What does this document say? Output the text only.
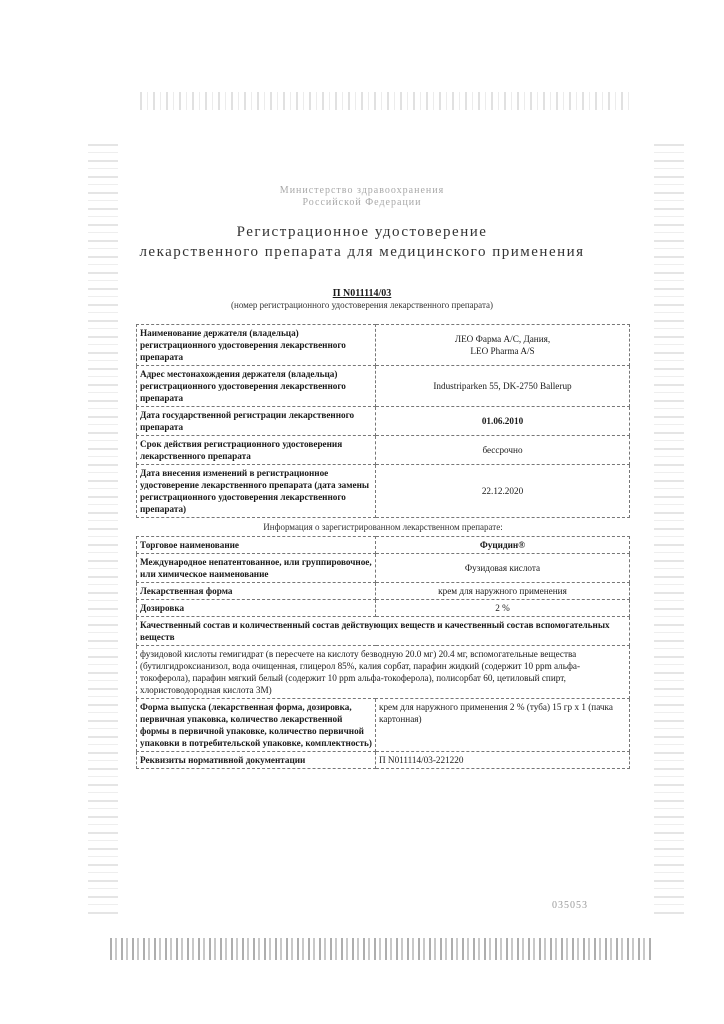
Министерство здравоохранения
Российской Федерации
Регистрационное удостоверение
лекарственного препарата для медицинского применения
П N011114/03
(номер регистрационного удостоверения лекарственного препарата)
Наименование держателя (владельца) регистрационного удостоверения лекарственного препарата	ЛЕО Фарма А/С, Дания,
LEO Pharma A/S

Адрес местонахождения держателя (владельца) регистрационного удостоверения лекарственного препарата	Industriparken 55, DK-2750 Ballerup
Дата государственной регистрации лекарственного препарата	01.06.2010
Срок действия регистрационного удостоверения лекарственного препарата	бессрочно
Дата внесения изменений в регистрационное удостоверение лекарственного препарата (дата замены регистрационного удостоверения лекарственного препарата)	22.12.2020
Информация о зарегистрированном лекарственном препарате:	
Торговое наименование	Фуцидин®
Международное непатентованное, или группировочное, или химическое наименование	Фузидовая кислота
Лекарственная форма	крем для наружного применения
Дозировка	2 %
Качественный состав и количественный состав действующих веществ и качественный состав вспомогательных веществ	
фузидовой кислоты гемигидрат (в пересчете на кислоту безводную 20.0 мг) 20.4 мг, вспомогательные вещества (бутилгидроксианизол, вода очищенная, глицерол 85%, калия сорбат, парафин жидкий (содержит 10 ppm альфа-токоферола), парафин мягкий белый (содержит 10 ppm альфа-токоферола), полисорбат 60, цетиловый спирт, хлористоводородная кислота 3М)	
Форма выпуска (лекарственная форма, дозировка, первичная упаковка, количество лекарственной формы в первичной упаковке, количество первичной упаковки в потребительской упаковке, комплектность)	крем для наружного применения 2 % (туба) 15 гр х 1 (пачка картонная)
Реквизиты нормативной документации	П N011114/03-221220
035053
